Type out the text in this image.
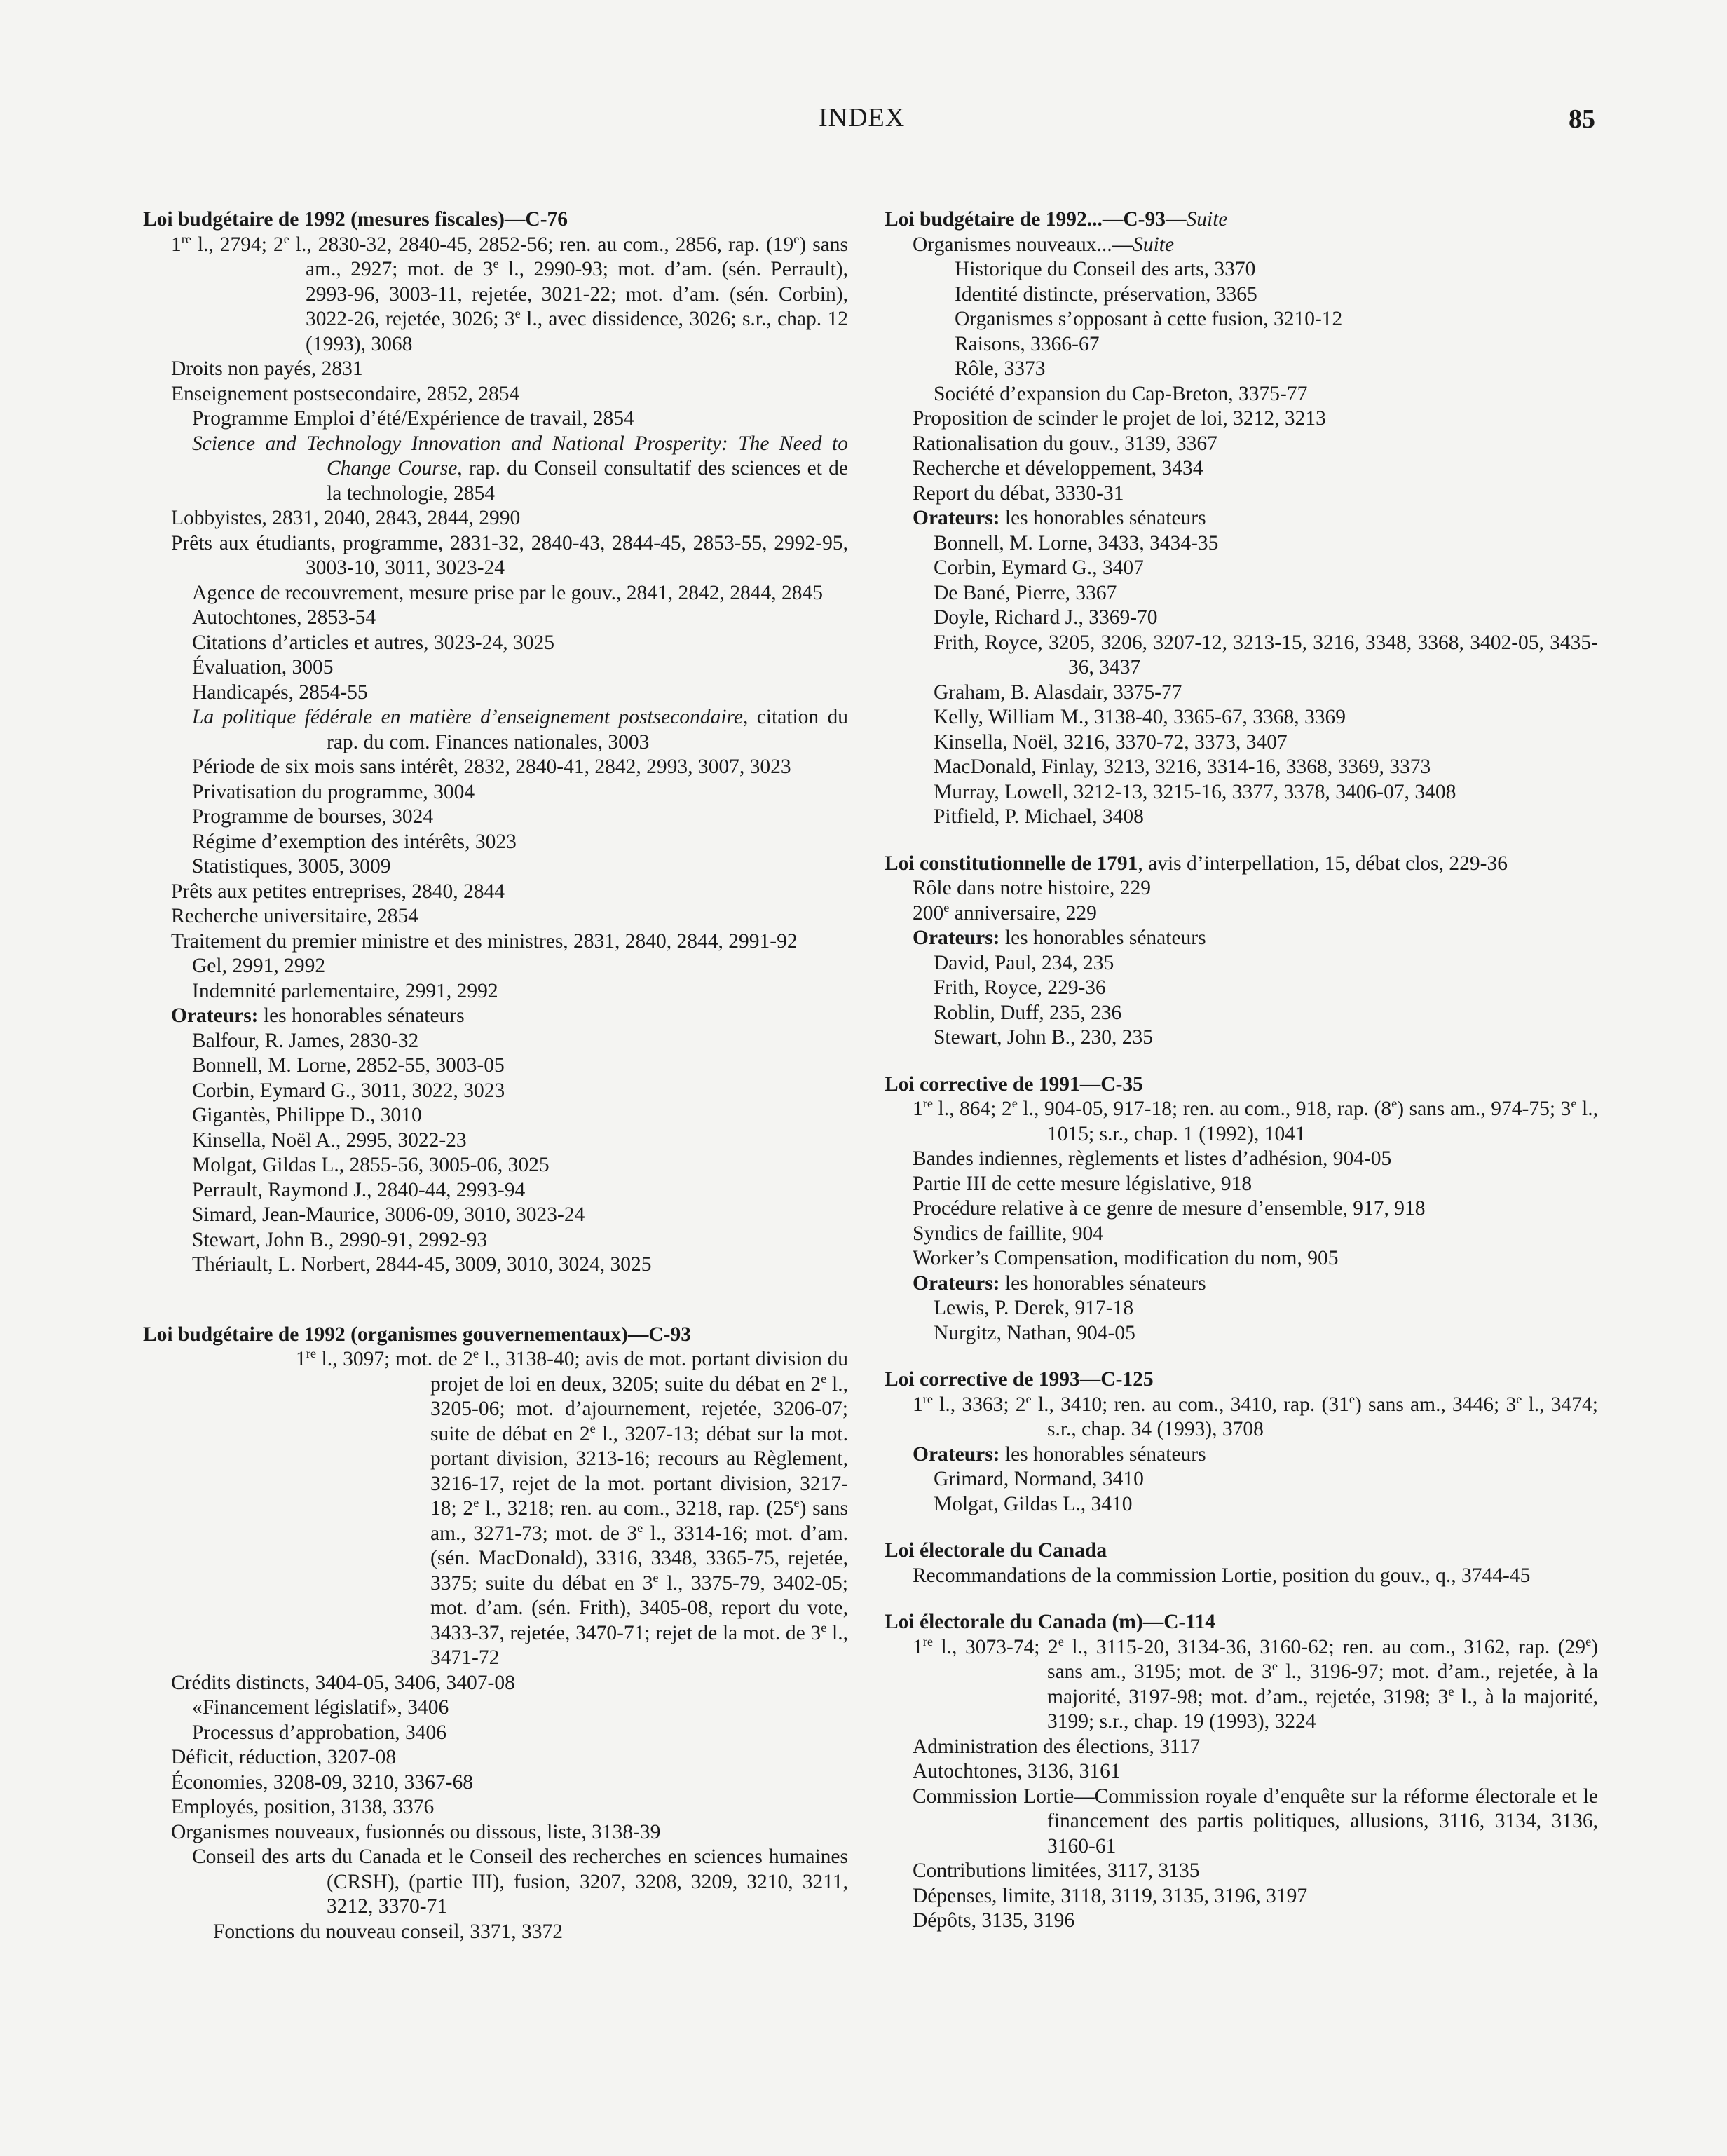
INDEX	85
Loi budgétaire de 1992 (mesures fiscales)—C-76
1re l., 2794; 2e l., 2830-32, 2840-45, 2852-56; ren. au com., 2856, rap. (19e) sans am., 2927; mot. de 3e l., 2990-93; mot. d’am. (sén. Perrault), 2993-96, 3003-11, rejetée, 3021-22; mot. d’am. (sén. Corbin), 3022-26, rejetée, 3026; 3e l., avec dissidence, 3026; s.r., chap. 12 (1993), 3068
Droits non payés, 2831
Enseignement postsecondaire, 2852, 2854
Programme Emploi d’été/Expérience de travail, 2854
Science and Technology Innovation and National Prosperity: The Need to Change Course, rap. du Conseil consultatif des sciences et de la technologie, 2854
Lobbyistes, 2831, 2040, 2843, 2844, 2990
Prêts aux étudiants, programme, 2831-32, 2840-43, 2844-45, 2853-55, 2992-95, 3003-10, 3011, 3023-24
Agence de recouvrement, mesure prise par le gouv., 2841, 2842, 2844, 2845
Autochtones, 2853-54
Citations d’articles et autres, 3023-24, 3025
Évaluation, 3005
Handicapés, 2854-55
La politique fédérale en matière d’enseignement postsecondaire, citation du rap. du com. Finances nationales, 3003
Période de six mois sans intérêt, 2832, 2840-41, 2842, 2993, 3007, 3023
Privatisation du programme, 3004
Programme de bourses, 3024
Régime d’exemption des intérêts, 3023
Statistiques, 3005, 3009
Prêts aux petites entreprises, 2840, 2844
Recherche universitaire, 2854
Traitement du premier ministre et des ministres, 2831, 2840, 2844, 2991-92
Gel, 2991, 2992
Indemnité parlementaire, 2991, 2992
Orateurs: les honorables sénateurs
Balfour, R. James, 2830-32
Bonnell, M. Lorne, 2852-55, 3003-05
Corbin, Eymard G., 3011, 3022, 3023
Gigantès, Philippe D., 3010
Kinsella, Noël A., 2995, 3022-23
Molgat, Gildas L., 2855-56, 3005-06, 3025
Perrault, Raymond J., 2840-44, 2993-94
Simard, Jean-Maurice, 3006-09, 3010, 3023-24
Stewart, John B., 2990-91, 2992-93
Thériault, L. Norbert, 2844-45, 3009, 3010, 3024, 3025
Loi budgétaire de 1992 (organismes gouvernementaux)—C-93
1re l., 3097; mot. de 2e l., 3138-40; avis de mot. portant division du projet de loi en deux, 3205; suite du débat en 2e l., 3205-06; mot. d’ajournement, rejetée, 3206-07; suite de débat en 2e l., 3207-13; débat sur la mot. portant division, 3213-16; recours au Règlement, 3216-17, rejet de la mot. portant division, 3217-18; 2e l., 3218; ren. au com., 3218, rap. (25e) sans am., 3271-73; mot. de 3e l., 3314-16; mot. d’am. (sén. MacDonald), 3316, 3348, 3365-75, rejetée, 3375; suite du débat en 3e l., 3375-79, 3402-05; mot. d’am. (sén. Frith), 3405-08, report du vote, 3433-37, rejetée, 3470-71; rejet de la mot. de 3e l., 3471-72
Crédits distincts, 3404-05, 3406, 3407-08
«Financement législatif», 3406
Processus d’approbation, 3406
Déficit, réduction, 3207-08
Économies, 3208-09, 3210, 3367-68
Employés, position, 3138, 3376
Organismes nouveaux, fusionnés ou dissous, liste, 3138-39
Conseil des arts du Canada et le Conseil des recherches en sciences humaines (CRSH), (partie III), fusion, 3207, 3208, 3209, 3210, 3211, 3212, 3370-71
Fonctions du nouveau conseil, 3371, 3372
Loi budgétaire de 1992...—C-93—Suite
Organismes nouveaux...—Suite
Historique du Conseil des arts, 3370
Identité distincte, préservation, 3365
Organismes s’opposant à cette fusion, 3210-12
Raisons, 3366-67
Rôle, 3373
Société d’expansion du Cap-Breton, 3375-77
Proposition de scinder le projet de loi, 3212, 3213
Rationalisation du gouv., 3139, 3367
Recherche et développement, 3434
Report du débat, 3330-31
Orateurs: les honorables sénateurs
Bonnell, M. Lorne, 3433, 3434-35
Corbin, Eymard G., 3407
De Bané, Pierre, 3367
Doyle, Richard J., 3369-70
Frith, Royce, 3205, 3206, 3207-12, 3213-15, 3216, 3348, 3368, 3402-05, 3435-36, 3437
Graham, B. Alasdair, 3375-77
Kelly, William M., 3138-40, 3365-67, 3368, 3369
Kinsella, Noël, 3216, 3370-72, 3373, 3407
MacDonald, Finlay, 3213, 3216, 3314-16, 3368, 3369, 3373
Murray, Lowell, 3212-13, 3215-16, 3377, 3378, 3406-07, 3408
Pitfield, P. Michael, 3408
Loi constitutionnelle de 1791, avis d’interpellation, 15, débat clos, 229-36
Rôle dans notre histoire, 229
200e anniversaire, 229
Orateurs: les honorables sénateurs
David, Paul, 234, 235
Frith, Royce, 229-36
Roblin, Duff, 235, 236
Stewart, John B., 230, 235
Loi corrective de 1991—C-35
1re l., 864; 2e l., 904-05, 917-18; ren. au com., 918, rap. (8e) sans am., 974-75; 3e l., 1015; s.r., chap. 1 (1992), 1041
Bandes indiennes, règlements et listes d’adhésion, 904-05
Partie III de cette mesure législative, 918
Procédure relative à ce genre de mesure d’ensemble, 917, 918
Syndics de faillite, 904
Worker’s Compensation, modification du nom, 905
Orateurs: les honorables sénateurs
Lewis, P. Derek, 917-18
Nurgitz, Nathan, 904-05
Loi corrective de 1993—C-125
1re l., 3363; 2e l., 3410; ren. au com., 3410, rap. (31e) sans am., 3446; 3e l., 3474; s.r., chap. 34 (1993), 3708
Orateurs: les honorables sénateurs
Grimard, Normand, 3410
Molgat, Gildas L., 3410
Loi électorale du Canada
Recommandations de la commission Lortie, position du gouv., q., 3744-45
Loi électorale du Canada (m)—C-114
1re l., 3073-74; 2e l., 3115-20, 3134-36, 3160-62; ren. au com., 3162, rap. (29e) sans am., 3195; mot. de 3e l., 3196-97; mot. d’am., rejetée, à la majorité, 3197-98; mot. d’am., rejetée, 3198; 3e l., à la majorité, 3199; s.r., chap. 19 (1993), 3224
Administration des élections, 3117
Autochtones, 3136, 3161
Commission Lortie—Commission royale d’enquête sur la réforme électorale et le financement des partis politiques, allusions, 3116, 3134, 3136, 3160-61
Contributions limitées, 3117, 3135
Dépenses, limite, 3118, 3119, 3135, 3196, 3197
Dépôts, 3135, 3196
